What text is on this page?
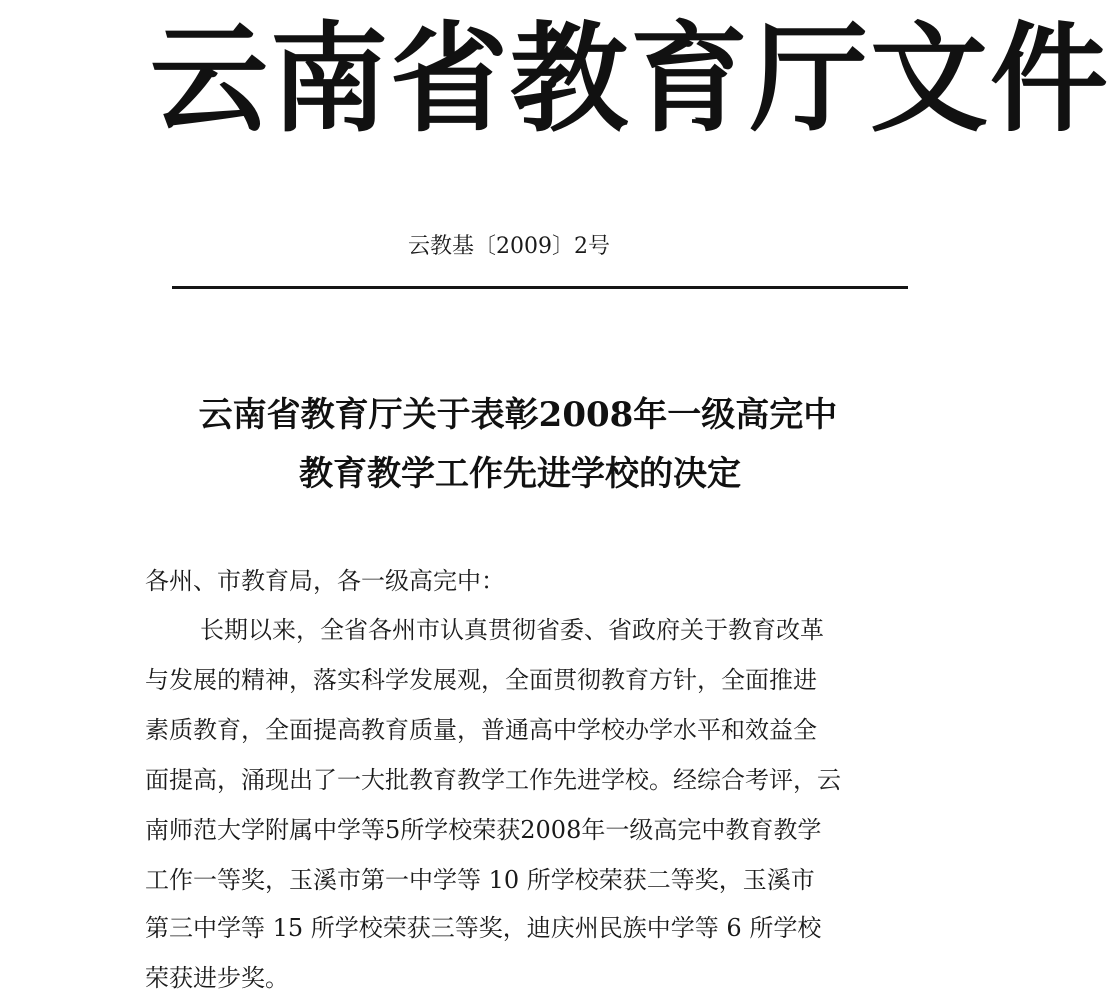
云南省教育厅文件
云教基〔2009〕2号
云南省教育厅关于表彰2008年一级高完中
教育教学工作先进学校的决定
各州、市教育局，各一级高完中：
长期以来，全省各州市认真贯彻省委、省政府关于教育改革
与发展的精神，落实科学发展观，全面贯彻教育方针，全面推进
素质教育，全面提高教育质量，普通高中学校办学水平和效益全
面提高，涌现出了一大批教育教学工作先进学校。经综合考评，云
南师范大学附属中学等5所学校荣获2008年一级高完中教育教学
工作一等奖，玉溪市第一中学等 10 所学校荣获二等奖，玉溪市
第三中学等 15 所学校荣获三等奖，迪庆州民族中学等 6 所学校
荣获进步奖。
